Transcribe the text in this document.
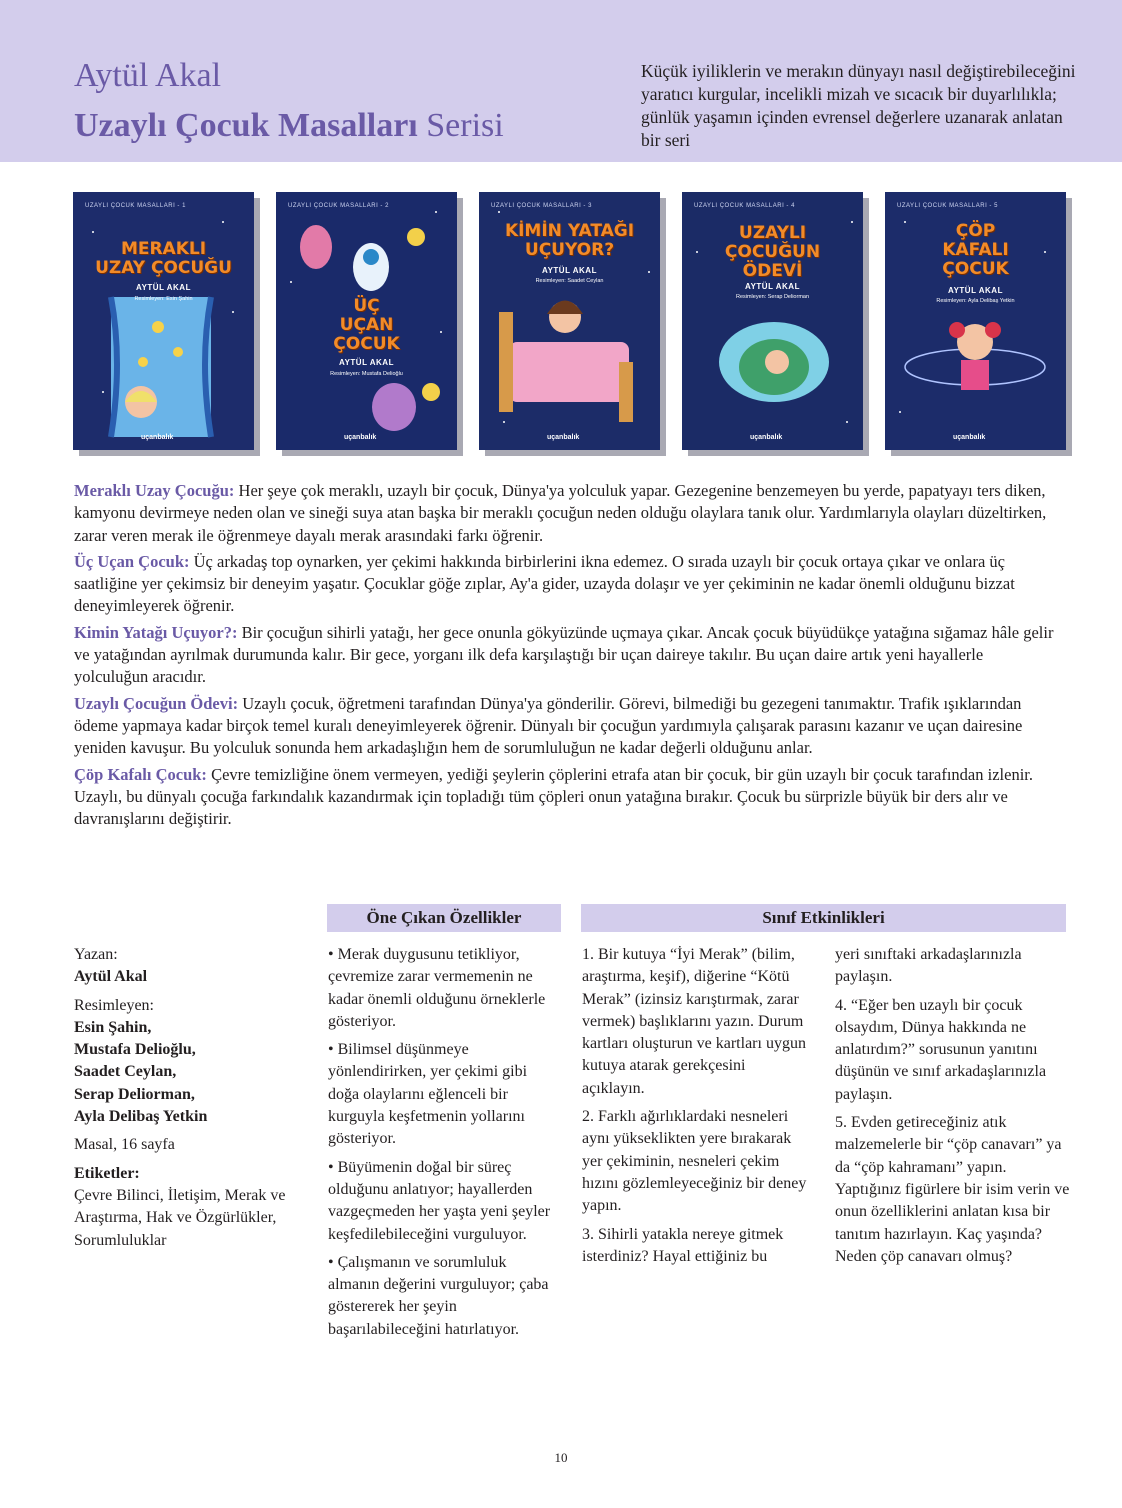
Aytül Akal
Uzaylı Çocuk Masalları Serisi
Küçük iyiliklerin ve merakın dünyayı nasıl değiştirebileceğini yaratıcı kurgular, incelikli mizah ve sıcacık bir duyarlılıkla; günlük yaşamın içinden evrensel değerlere uzanarak anlatan bir seri
UZAYLI ÇOCUK MASALLARI - 1
MERAKLI
UZAY ÇOCUĞU
AYTÜL AKAL
Resimleyen: Esin Şahin
uçanbalık
UZAYLI ÇOCUK MASALLARI - 2
ÜÇ
UÇAN
ÇOCUK
AYTÜL AKAL
Resimleyen: Mustafa Delioğlu
uçanbalık
UZAYLI ÇOCUK MASALLARI - 3
KİMİN YATAĞI
UÇUYOR?
AYTÜL AKAL
Resimleyen: Saadet Ceylan
uçanbalık
UZAYLI ÇOCUK MASALLARI - 4
UZAYLI
ÇOCUĞUN
ÖDEVİ
AYTÜL AKAL
Resimleyen: Serap Deliorman
uçanbalık
UZAYLI ÇOCUK MASALLARI - 5
ÇÖP
KAFALI
ÇOCUK
AYTÜL AKAL
Resimleyen: Ayla Delibaş Yetkin
uçanbalık

Meraklı Uzay Çocuğu: Her şeye çok meraklı, uzaylı bir çocuk, Dünya'ya yolculuk yapar. Gezegenine benzemeyen bu yerde, papatyayı ters diken, kamyonu devirmeye neden olan ve sineği suya atan başka bir meraklı çocuğun neden olduğu olaylara tanık olur. Yardımlarıyla olayları düzeltirken, zarar veren merak ile öğrenmeye dayalı merak arasındaki farkı öğrenir.

Üç Uçan Çocuk: Üç arkadaş top oynarken, yer çekimi hakkında birbirlerini ikna edemez. O sırada uzaylı bir çocuk ortaya çıkar ve onlara üç saatliğine yer çekimsiz bir deneyim yaşatır. Çocuklar göğe zıplar, Ay'a gider, uzayda dolaşır ve yer çekiminin ne kadar önemli olduğunu bizzat deneyimleyerek öğrenir.

Kimin Yatağı Uçuyor?: Bir çocuğun sihirli yatağı, her gece onunla gökyüzünde uçmaya çıkar. Ancak çocuk büyüdükçe yatağına sığamaz hâle gelir ve yatağından ayrılmak durumunda kalır. Bir gece, yorganı ilk defa karşılaştığı bir uçan daireye takılır. Bu uçan daire artık yeni hayallerle yolculuğun aracıdır.

Uzaylı Çocuğun Ödevi: Uzaylı çocuk, öğretmeni tarafından Dünya'ya gönderilir. Görevi, bilmediği bu gezegeni tanımaktır. Trafik ışıklarından ödeme yapmaya kadar birçok temel kuralı deneyimleyerek öğrenir. Dünyalı bir çocuğun yardımıyla çalışarak parasını kazanır ve uçan dairesine yeniden kavuşur. Bu yolculuk sonunda hem arkadaşlığın hem de sorumluluğun ne kadar değerli olduğunu anlar.

Çöp Kafalı Çocuk: Çevre temizliğine önem vermeyen, yediği şeylerin çöplerini etrafa atan bir çocuk, bir gün uzaylı bir çocuk tarafından izlenir. Uzaylı, bu dünyalı çocuğa farkındalık kazandırmak için topladığı tüm çöpleri onun yatağına bırakır. Çocuk bu sürprizle büyük bir ders alır ve davranışlarını değiştirir.

Öne Çıkan Özellikler	Sınıf Etkinlikleri
Yazan:
Aytül Akal
Resimleyen:
Esin Şahin,
Mustafa Delioğlu,
Saadet Ceylan,
Serap Deliorman,
Ayla Delibaş Yetkin
Masal, 16 sayfa
Etiketler:
Çevre Bilinci, İletişim, Merak ve Araştırma, Hak ve Özgürlükler, Sorumluluklar

• Merak duygusunu tetikliyor, çevremize zarar vermemenin ne kadar önemli olduğunu örneklerle gösteriyor.

• Bilimsel düşünmeye yönlendirirken, yer çekimi gibi doğa olaylarını eğlenceli bir kurguyla keşfetmenin yollarını gösteriyor.

• Büyümenin doğal bir süreç olduğunu anlatıyor; hayallerden vazgeçmeden her yaşta yeni şeyler keşfedilebileceğini vurguluyor.

• Çalışmanın ve sorumluluk almanın değerini vurguluyor; çaba göstererek her şeyin başarılabileceğini hatırlatıyor.

1. Bir kutuya “İyi Merak” (bilim, araştırma, keşif), diğerine “Kötü Merak” (izinsiz karıştırmak, zarar vermek) başlıklarını yazın. Durum kartları oluşturun ve kartları uygun kutuya atarak gerekçesini açıklayın.

2. Farklı ağırlıklardaki nesneleri aynı yükseklikten yere bırakarak yer çekiminin, nesneleri çekim hızını gözlemleyeceğiniz bir deney yapın.

3. Sihirli yatakla nereye gitmek isterdiniz? Hayal ettiğiniz bu

yeri sınıftaki arkadaşlarınızla paylaşın.

4. “Eğer ben uzaylı bir çocuk olsaydım, Dünya hakkında ne anlatırdım?” sorusunun yanıtını düşünün ve sınıf arkadaşlarınızla paylaşın.

5. Evden getireceğiniz atık malzemelerle bir “çöp canavarı” ya da “çöp kahramanı” yapın. Yaptığınız figürlere bir isim verin ve onun özelliklerini anlatan kısa bir tanıtım hazırlayın. Kaç yaşında? Neden çöp canavarı olmuş?

10
